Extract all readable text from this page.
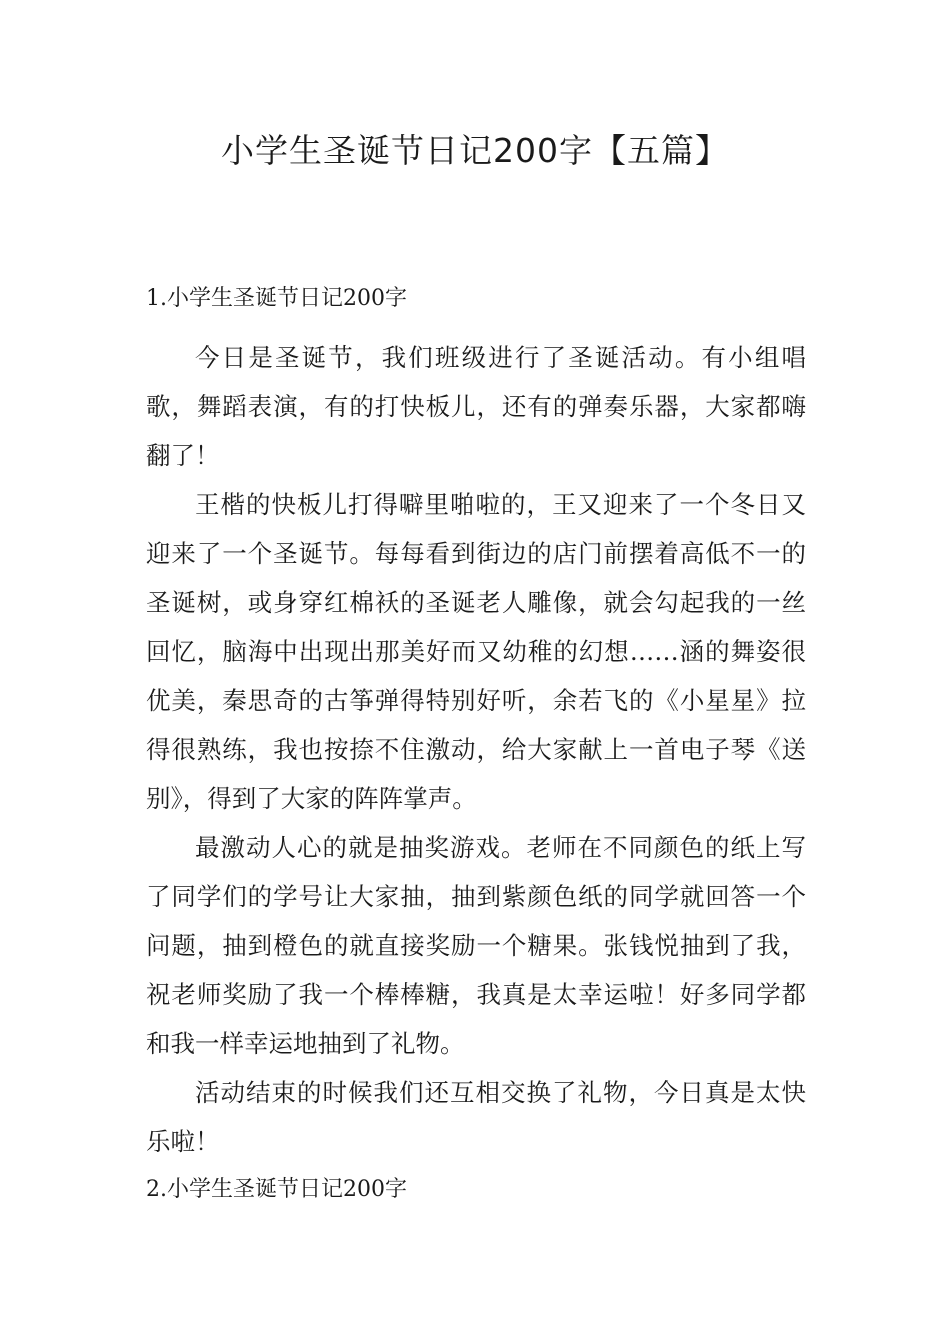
小学生圣诞节日记200字【五篇】
1.小学生圣诞节日记200字

今日是圣诞节，我们班级进行了圣诞活动。有小组唱歌，舞蹈表演，有的打快板儿，还有的弹奏乐器，大家都嗨翻了！

王楷的快板儿打得噼里啪啦的，王又迎来了一个冬日又迎来了一个圣诞节。每每看到街边的店门前摆着高低不一的圣诞树，或身穿红棉袄的圣诞老人雕像，就会勾起我的一丝回忆，脑海中出现出那美好而又幼稚的幻想……涵的舞姿很优美，秦思奇的古筝弹得特别好听，余若飞的《小星星》拉得很熟练，我也按捺不住激动，给大家献上一首电子琴《送别》，得到了大家的阵阵掌声。

最激动人心的就是抽奖游戏。老师在不同颜色的纸上写了同学们的学号让大家抽，抽到紫颜色纸的同学就回答一个问题，抽到橙色的就直接奖励一个糖果。张钱悦抽到了我，祝老师奖励了我一个棒棒糖，我真是太幸运啦！好多同学都和我一样幸运地抽到了礼物。

活动结束的时候我们还互相交换了礼物，今日真是太快乐啦！

2.小学生圣诞节日记200字
